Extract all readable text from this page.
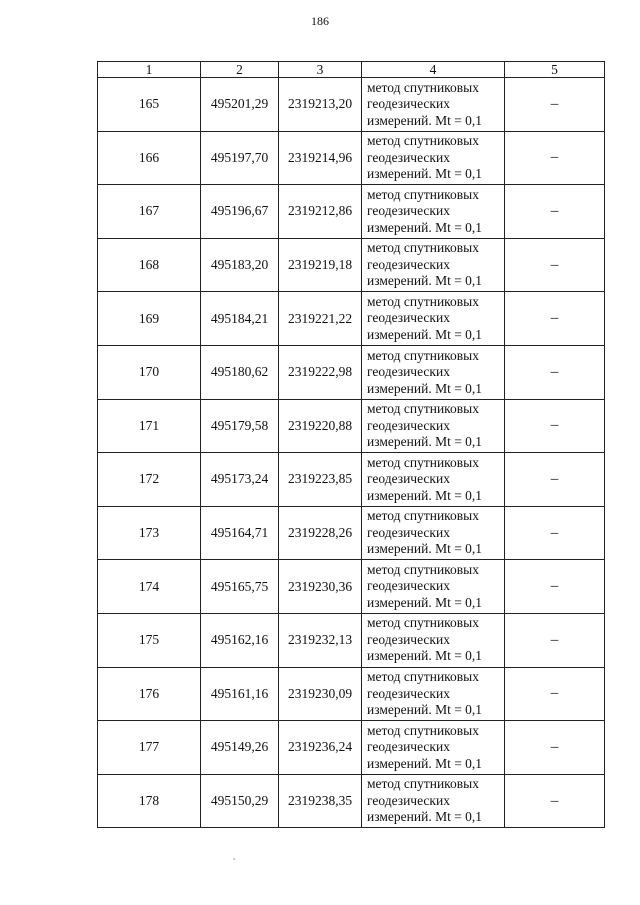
186
1	2	3	4	5
165	495201,29	2319213,20	метод спутниковых
геодезических
измерений. Mt = 0,1	–
166	495197,70	2319214,96	метод спутниковых
геодезических
измерений. Mt = 0,1	–
167	495196,67	2319212,86	метод спутниковых
геодезических
измерений. Mt = 0,1	–
168	495183,20	2319219,18	метод спутниковых
геодезических
измерений. Mt = 0,1	–
169	495184,21	2319221,22	метод спутниковых
геодезических
измерений. Mt = 0,1	–
170	495180,62	2319222,98	метод спутниковых
геодезических
измерений. Mt = 0,1	–
171	495179,58	2319220,88	метод спутниковых
геодезических
измерений. Mt = 0,1	–
172	495173,24	2319223,85	метод спутниковых
геодезических
измерений. Mt = 0,1	–
173	495164,71	2319228,26	метод спутниковых
геодезических
измерений. Mt = 0,1	–
174	495165,75	2319230,36	метод спутниковых
геодезических
измерений. Mt = 0,1	–
175	495162,16	2319232,13	метод спутниковых
геодезических
измерений. Mt = 0,1	–
176	495161,16	2319230,09	метод спутниковых
геодезических
измерений. Mt = 0,1	–
177	495149,26	2319236,24	метод спутниковых
геодезических
измерений. Mt = 0,1	–
178	495150,29	2319238,35	метод спутниковых
геодезических
измерений. Mt = 0,1	–
